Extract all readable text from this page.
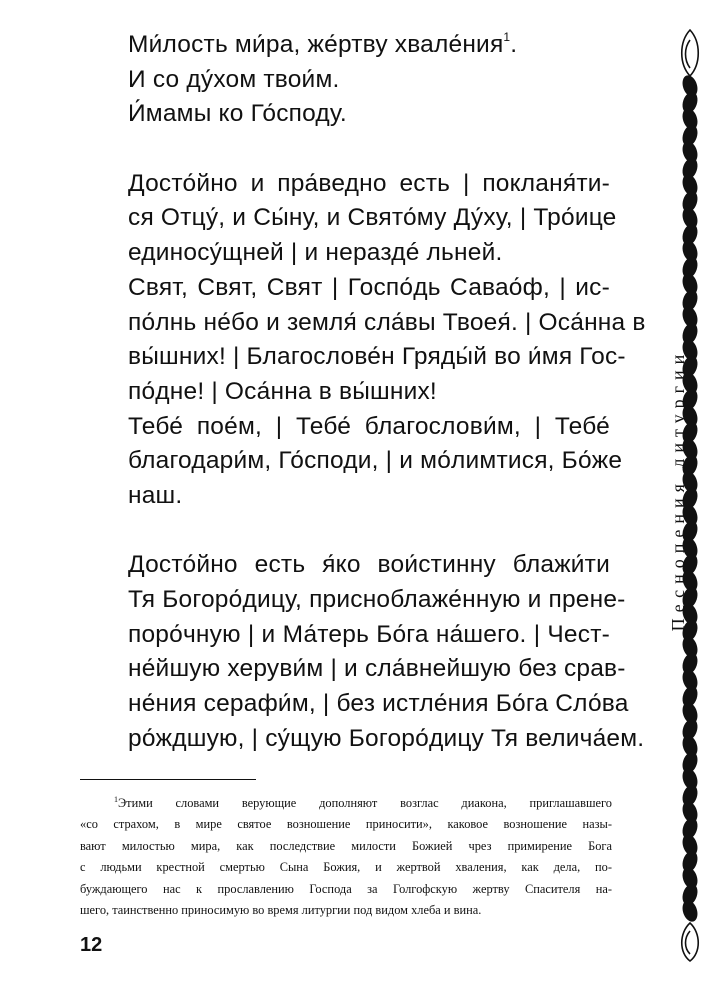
Ми́лость ми́ра, же́ртву хвале́ния$^1$.
И со ду́хом твои́м.
И́мамы ко Го́споду.
Досто́йно и пра́ведно есть | покланя́ти-
ся Отцу́, и Сы́ну, и Свято́му Ду́ху, | Тро́ице
единосу́щней | и нераздé льней.
Свят, Свят, Свят | Госпо́дь Савао́ф, | ис-
по́лнь не́бо и земля́ сла́вы Твоея́. | Оса́нна в
вы́шних! | Благослове́н Гряды́й во и́мя Гос-
по́дне! | Оса́нна в вы́шних!
Тебе́ пое́м, | Тебе́ благослови́м, | Тебе́
благодари́м, Го́споди, | и мо́лимтися, Бо́же
наш.
Досто́йно есть я́ко вои́стинну блажи́ти
Тя Богоро́дицу, присноблаже́нную и пренe-
поро́чную | и Ма́терь Бо́га на́шего. | Чест-
не́йшую херуви́м | и сла́внейшую без срав-
не́ния серафи́м, | без истле́ния Бо́га Сло́ва
ро́ждшую, | су́щую Богоро́дицу Тя велича́ем.
$^1$Этими словами верующие дополняют возглас диакона, приглашавшего
«со страхом, в мире святое возношение приносити», каковое возношение назы-
вают милостью мира, как последствие милости Божией чрез примирение Бога
с людьми крестной смертью Сына Божия, и жертвой хваления, как дела, по-
буждающего нас к прославлению Господа за Голгофскую жертву Спасителя на-
шего, таинственно приносимую во время литургии под видом хлеба и вина.
12
Песнопения литургии
